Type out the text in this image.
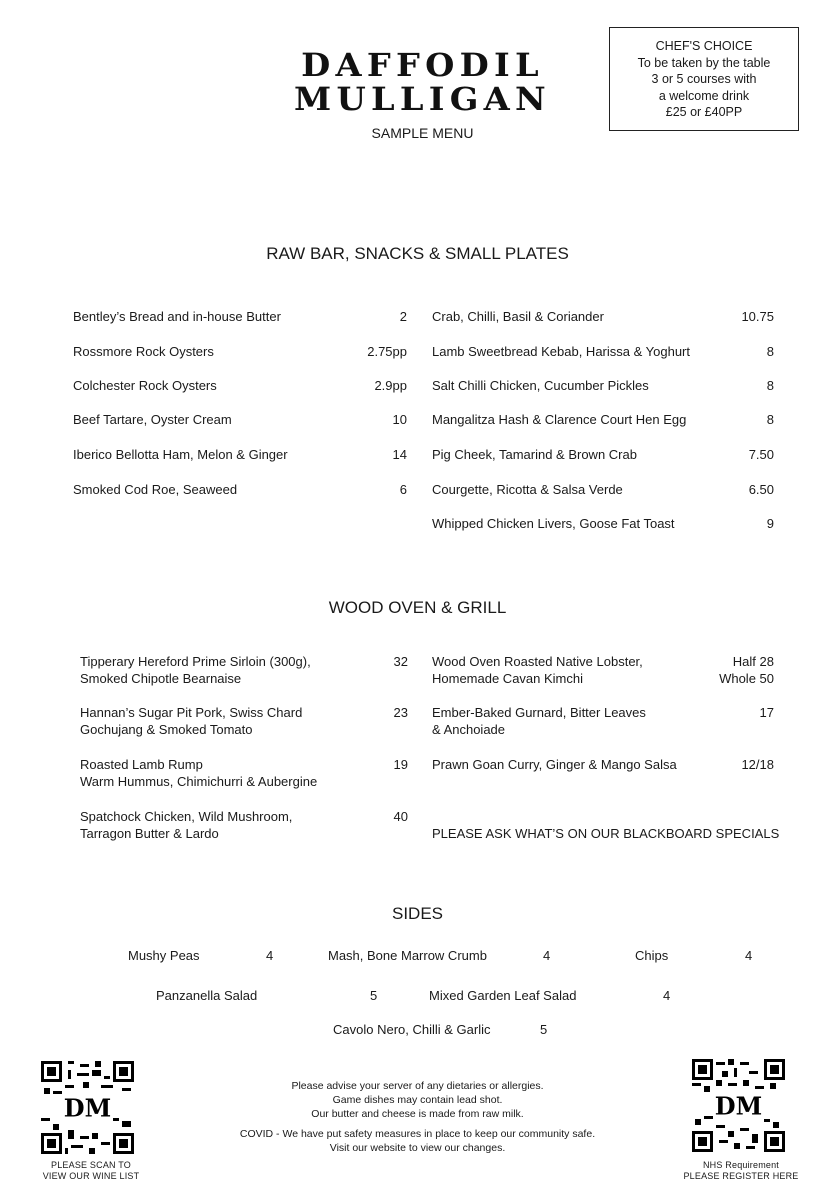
DAFFODIL
MULLIGAN
SAMPLE MENU
CHEF'S CHOICE
To be taken by the table
3 or 5 courses with
a welcome drink
£25 or £40PP
RAW BAR, SNACKS & SMALL PLATES
Bentley’s Bread and in-house Butter	2
Rossmore Rock Oysters	2.75pp
Colchester Rock Oysters	2.9pp
Beef Tartare, Oyster Cream	10
Iberico Bellotta Ham, Melon & Ginger	14
Smoked Cod Roe, Seaweed	6
Crab, Chilli, Basil & Coriander	10.75
Lamb Sweetbread Kebab, Harissa & Yoghurt	8
Salt Chilli Chicken, Cucumber Pickles	8
Mangalitza Hash & Clarence Court Hen Egg	8
Pig Cheek, Tamarind & Brown Crab	7.50
Courgette, Ricotta & Salsa Verde	6.50
Whipped Chicken Livers, Goose Fat Toast	9
WOOD OVEN & GRILL
Tipperary Hereford Prime Sirloin (300g),
Smoked Chipotle Bearnaise
32
Hannan’s Sugar Pit Pork, Swiss Chard
Gochujang & Smoked Tomato
23
Roasted Lamb Rump
Warm Hummus, Chimichurri & Aubergine
19
Spatchock Chicken, Wild Mushroom,
Tarragon Butter & Lardo
40
Wood Oven Roasted Native Lobster,
Homemade Cavan Kimchi
Half 28
Whole 50
Ember-Baked Gurnard, Bitter Leaves
& Anchoiade
17
Prawn Goan Curry, Ginger & Mango Salsa	12/18
PLEASE ASK WHAT’S ON OUR BLACKBOARD SPECIALS
SIDES
Mushy Peas	4	Mash, Bone Marrow Crumb	4	Chips	4
Panzanella Salad	5	Mixed Garden Leaf Salad	4
Cavolo Nero, Chilli & Garlic	5
Please advise your server of any dietaries or allergies.
Game dishes may contain lead shot.
Our butter and cheese is made from raw milk.
COVID - We have put safety measures in place to keep our community safe.
Visit our website to view our changes.
DM
PLEASE SCAN TO
VIEW OUR WINE LIST
DM
NHS Requirement
PLEASE REGISTER HERE
